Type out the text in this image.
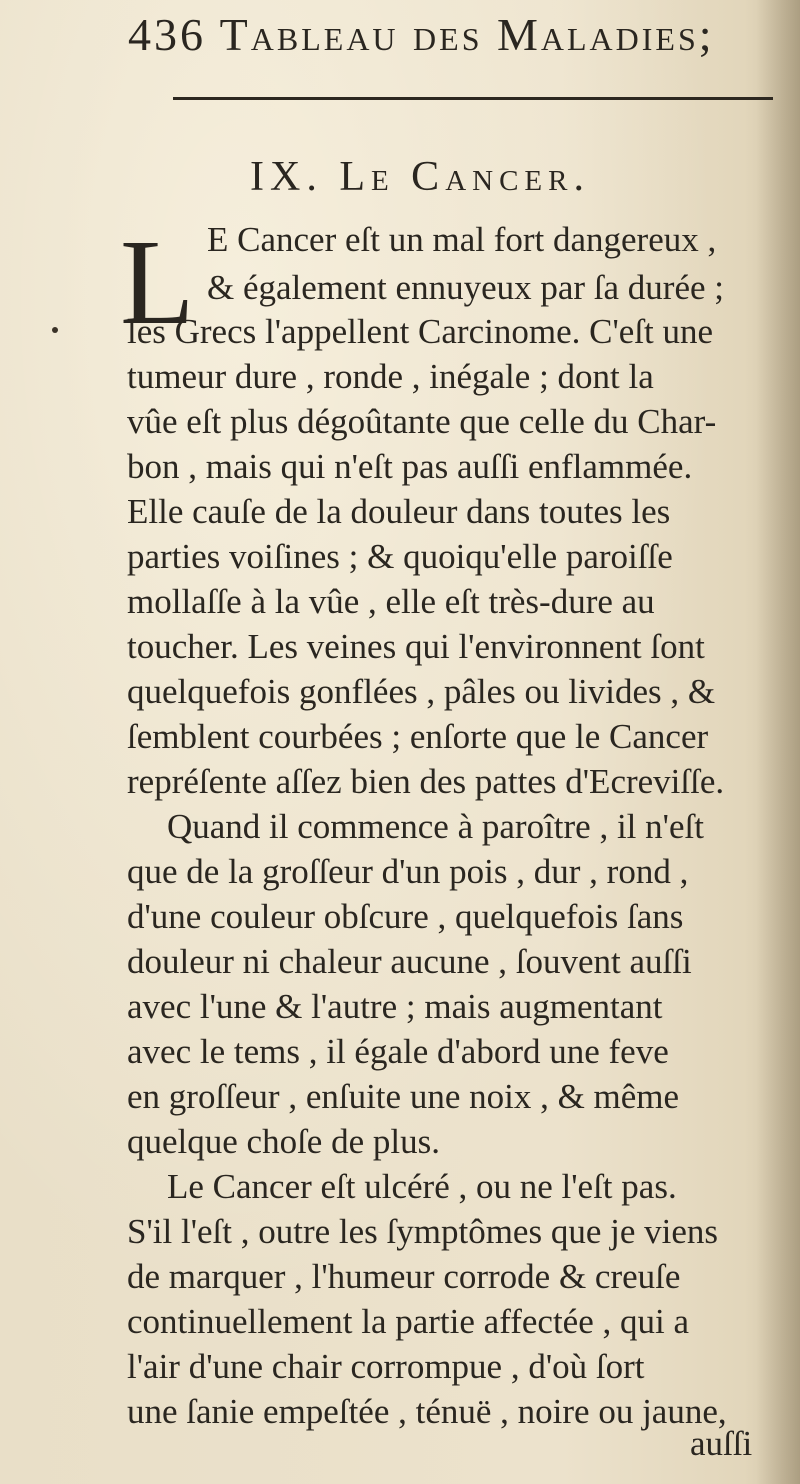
436 Tableau des Maladies;
IX. Le Cancer.
L E Cancer eſt un mal fort dangereux ,
& également ennuyeux par ſa durée ;
les Grecs l'appellent Carcinome. C'eſt une
tumeur dure , ronde , inégale ; dont la
vûe eſt plus dégoûtante que celle du Char-
bon , mais qui n'eſt pas auſſi enflammée.
Elle cauſe de la douleur dans toutes les
parties voiſines ; & quoiqu'elle paroiſſe
mollaſſe à la vûe , elle eſt très-dure au
toucher. Les veines qui l'environnent ſont
quelquefois gonflées , pâles ou livides , &
ſemblent courbées ; enſorte que le Cancer
repréſente aſſez bien des pattes d'Ecreviſſe.
Quand il commence à paroître , il n'eſt
que de la groſſeur d'un pois , dur , rond ,
d'une couleur obſcure , quelquefois ſans
douleur ni chaleur aucune , ſouvent auſſi
avec l'une & l'autre ; mais augmentant
avec le tems , il égale d'abord une feve
en groſſeur , enſuite une noix , & même
quelque choſe de plus.
Le Cancer eſt ulcéré , ou ne l'eſt pas.
S'il l'eſt , outre les ſymptômes que je viens
de marquer , l'humeur corrode & creuſe
continuellement la partie affectée , qui a
l'air d'une chair corrompue , d'où ſort
une ſanie empeſtée , ténuë , noire ou jaune,
auſſi
